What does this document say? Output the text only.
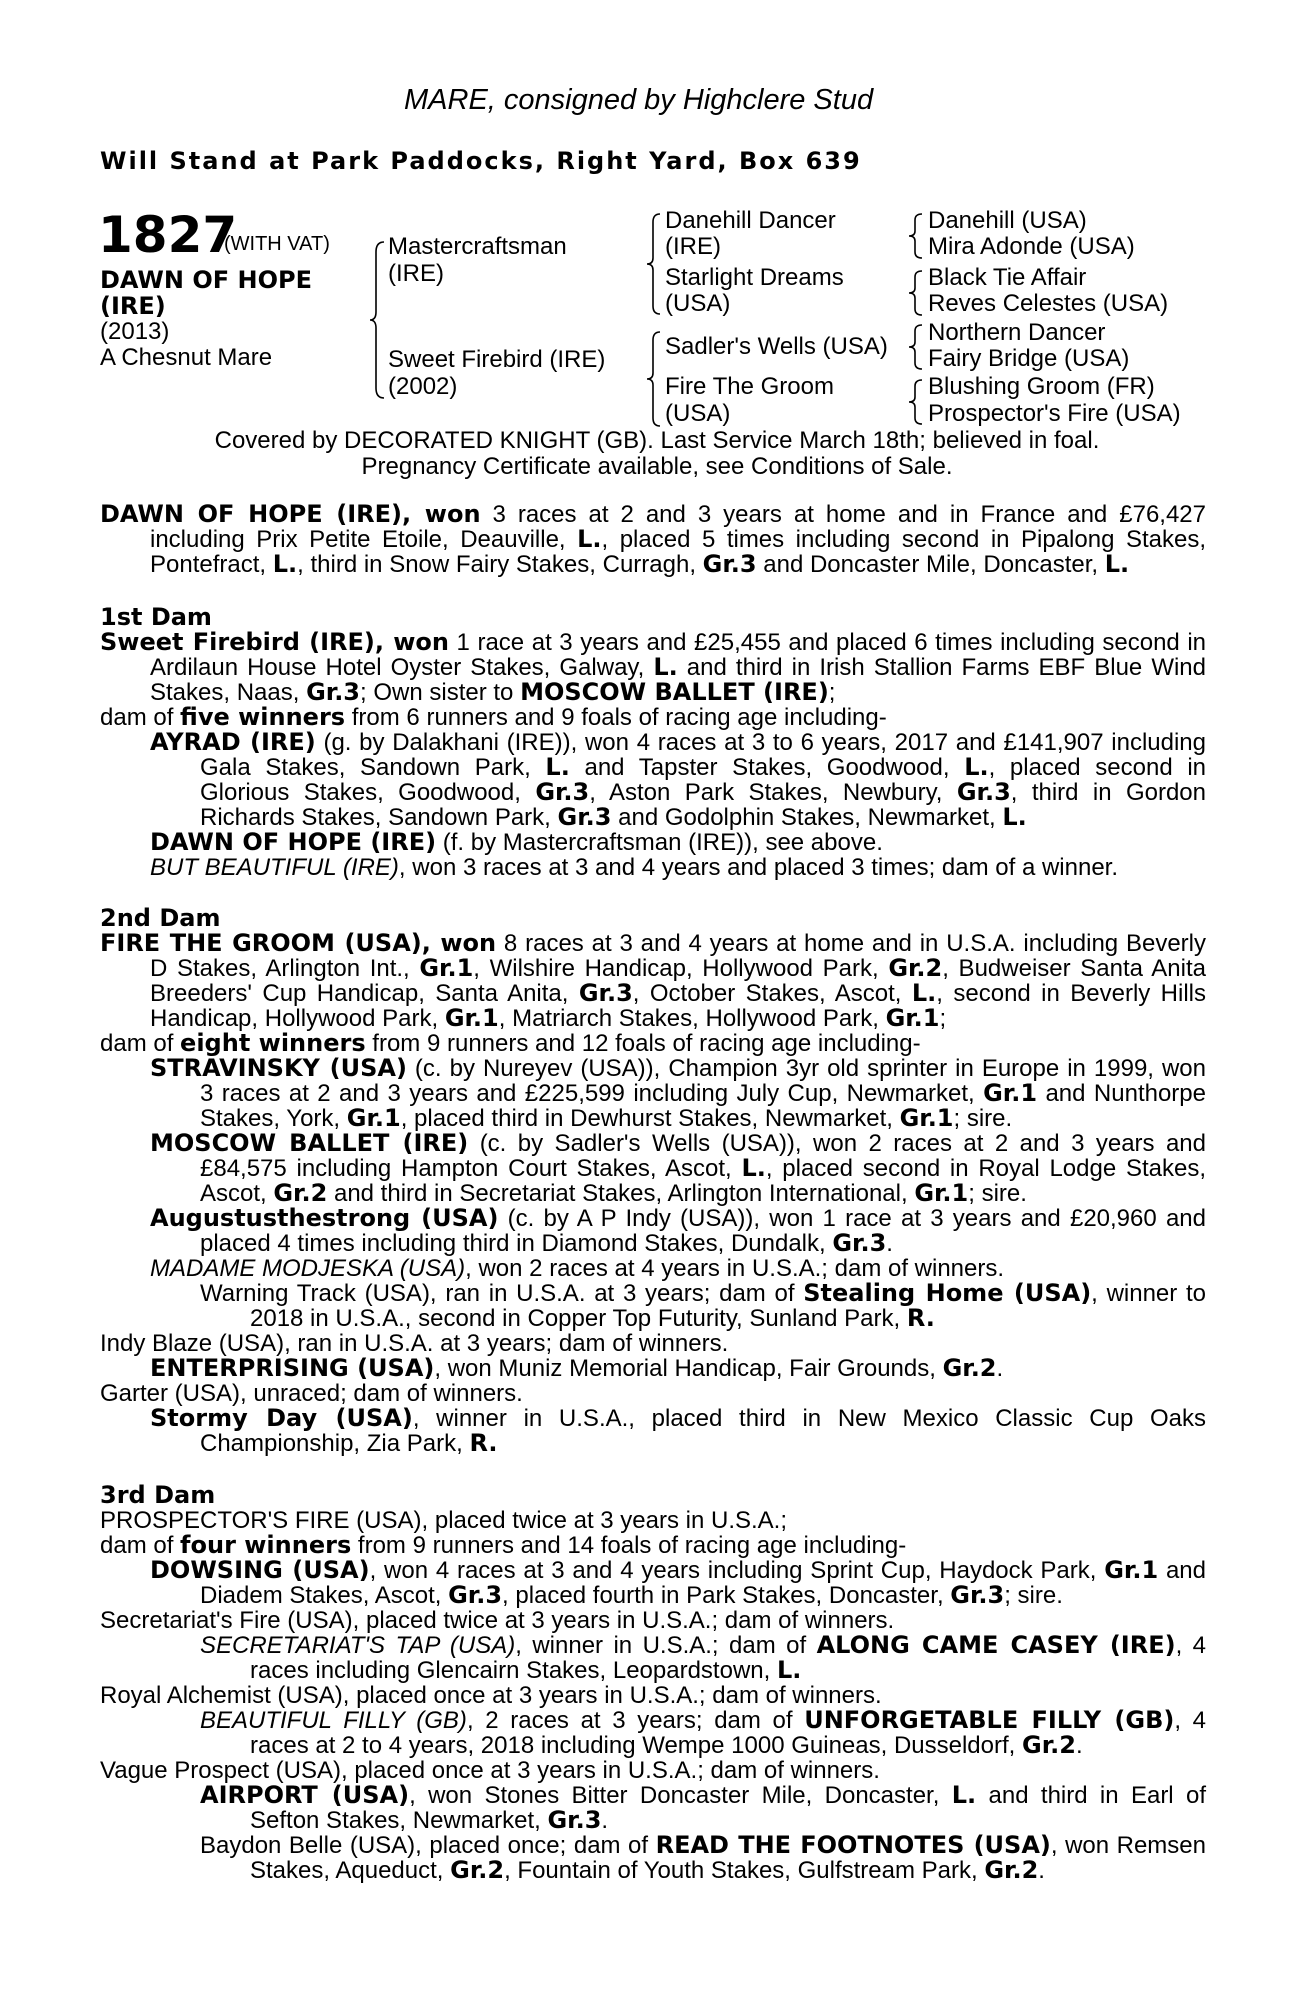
MARE, consigned by Highclere Stud
Will Stand at Park Paddocks, Right Yard, Box 639
1827
(WITH VAT)
DAWN OF HOPE
(IRE)
(2013)
A Chesnut Mare
Mastercraftsman
(IRE)
Sweet Firebird (IRE)
(2002)
Danehill Dancer
(IRE)
Starlight Dreams
(USA)
Sadler's Wells (USA)
Fire The Groom
(USA)
Danehill (USA)
Mira Adonde (USA)
Black Tie Affair
Reves Celestes (USA)
Northern Dancer
Fairy Bridge (USA)
Blushing Groom (FR)
Prospector's Fire (USA)
Covered by DECORATED KNIGHT (GB). Last Service March 18th; believed in foal.
Pregnancy Certificate available, see Conditions of Sale.

DAWN OF HOPE (IRE), won 3 races at 2 and 3 years at home and in France and £76,427 including Prix Petite Etoile, Deauville, L., placed 5 times including second in Pipalong Stakes, Pontefract, L., third in Snow Fairy Stakes, Curragh, Gr.3 and Doncaster Mile, Doncaster, L.

1st Dam

Sweet Firebird (IRE), won 1 race at 3 years and £25,455 and placed 6 times including second in Ardilaun House Hotel Oyster Stakes, Galway, L. and third in Irish Stallion Farms EBF Blue Wind Stakes, Naas, Gr.3; Own sister to MOSCOW BALLET (IRE);

dam of five winners from 6 runners and 9 foals of racing age including-

AYRAD (IRE) (g. by Dalakhani (IRE)), won 4 races at 3 to 6 years, 2017 and £141,907 including Gala Stakes, Sandown Park, L. and Tapster Stakes, Goodwood, L., placed second in Glorious Stakes, Goodwood, Gr.3, Aston Park Stakes, Newbury, Gr.3, third in Gordon Richards Stakes, Sandown Park, Gr.3 and Godolphin Stakes, Newmarket, L.

DAWN OF HOPE (IRE) (f. by Mastercraftsman (IRE)), see above.

BUT BEAUTIFUL (IRE), won 3 races at 3 and 4 years and placed 3 times; dam of a winner.

2nd Dam

FIRE THE GROOM (USA), won 8 races at 3 and 4 years at home and in U.S.A. including Beverly D Stakes, Arlington Int., Gr.1, Wilshire Handicap, Hollywood Park, Gr.2, Budweiser Santa Anita Breeders' Cup Handicap, Santa Anita, Gr.3, October Stakes, Ascot, L., second in Beverly Hills Handicap, Hollywood Park, Gr.1, Matriarch Stakes, Hollywood Park, Gr.1;

dam of eight winners from 9 runners and 12 foals of racing age including-

STRAVINSKY (USA) (c. by Nureyev (USA)), Champion 3yr old sprinter in Europe in 1999, won 3 races at 2 and 3 years and £225,599 including July Cup, Newmarket, Gr.1 and Nunthorpe Stakes, York, Gr.1, placed third in Dewhurst Stakes, Newmarket, Gr.1; sire.

MOSCOW BALLET (IRE) (c. by Sadler's Wells (USA)), won 2 races at 2 and 3 years and £84,575 including Hampton Court Stakes, Ascot, L., placed second in Royal Lodge Stakes, Ascot, Gr.2 and third in Secretariat Stakes, Arlington International, Gr.1; sire.

Augustusthestrong (USA) (c. by A P Indy (USA)), won 1 race at 3 years and £20,960 and placed 4 times including third in Diamond Stakes, Dundalk, Gr.3.

MADAME MODJESKA (USA), won 2 races at 4 years in U.S.A.; dam of winners.

Warning Track (USA), ran in U.S.A. at 3 years; dam of Stealing Home (USA), winner to 2018 in U.S.A., second in Copper Top Futurity, Sunland Park, R.

Indy Blaze (USA), ran in U.S.A. at 3 years; dam of winners.

ENTERPRISING (USA), won Muniz Memorial Handicap, Fair Grounds, Gr.2.

Garter (USA), unraced; dam of winners.

Stormy Day (USA), winner in U.S.A., placed third in New Mexico Classic Cup Oaks Championship, Zia Park, R.

3rd Dam

PROSPECTOR'S FIRE (USA), placed twice at 3 years in U.S.A.;

dam of four winners from 9 runners and 14 foals of racing age including-

DOWSING (USA), won 4 races at 3 and 4 years including Sprint Cup, Haydock Park, Gr.1 and Diadem Stakes, Ascot, Gr.3, placed fourth in Park Stakes, Doncaster, Gr.3; sire.

Secretariat's Fire (USA), placed twice at 3 years in U.S.A.; dam of winners.

SECRETARIAT'S TAP (USA), winner in U.S.A.; dam of ALONG CAME CASEY (IRE), 4 races including Glencairn Stakes, Leopardstown, L.

Royal Alchemist (USA), placed once at 3 years in U.S.A.; dam of winners.

BEAUTIFUL FILLY (GB), 2 races at 3 years; dam of UNFORGETABLE FILLY (GB), 4 races at 2 to 4 years, 2018 including Wempe 1000 Guineas, Dusseldorf, Gr.2.

Vague Prospect (USA), placed once at 3 years in U.S.A.; dam of winners.

AIRPORT (USA), won Stones Bitter Doncaster Mile, Doncaster, L. and third in Earl of Sefton Stakes, Newmarket, Gr.3.

Baydon Belle (USA), placed once; dam of READ THE FOOTNOTES (USA), won Remsen Stakes, Aqueduct, Gr.2, Fountain of Youth Stakes, Gulfstream Park, Gr.2.
